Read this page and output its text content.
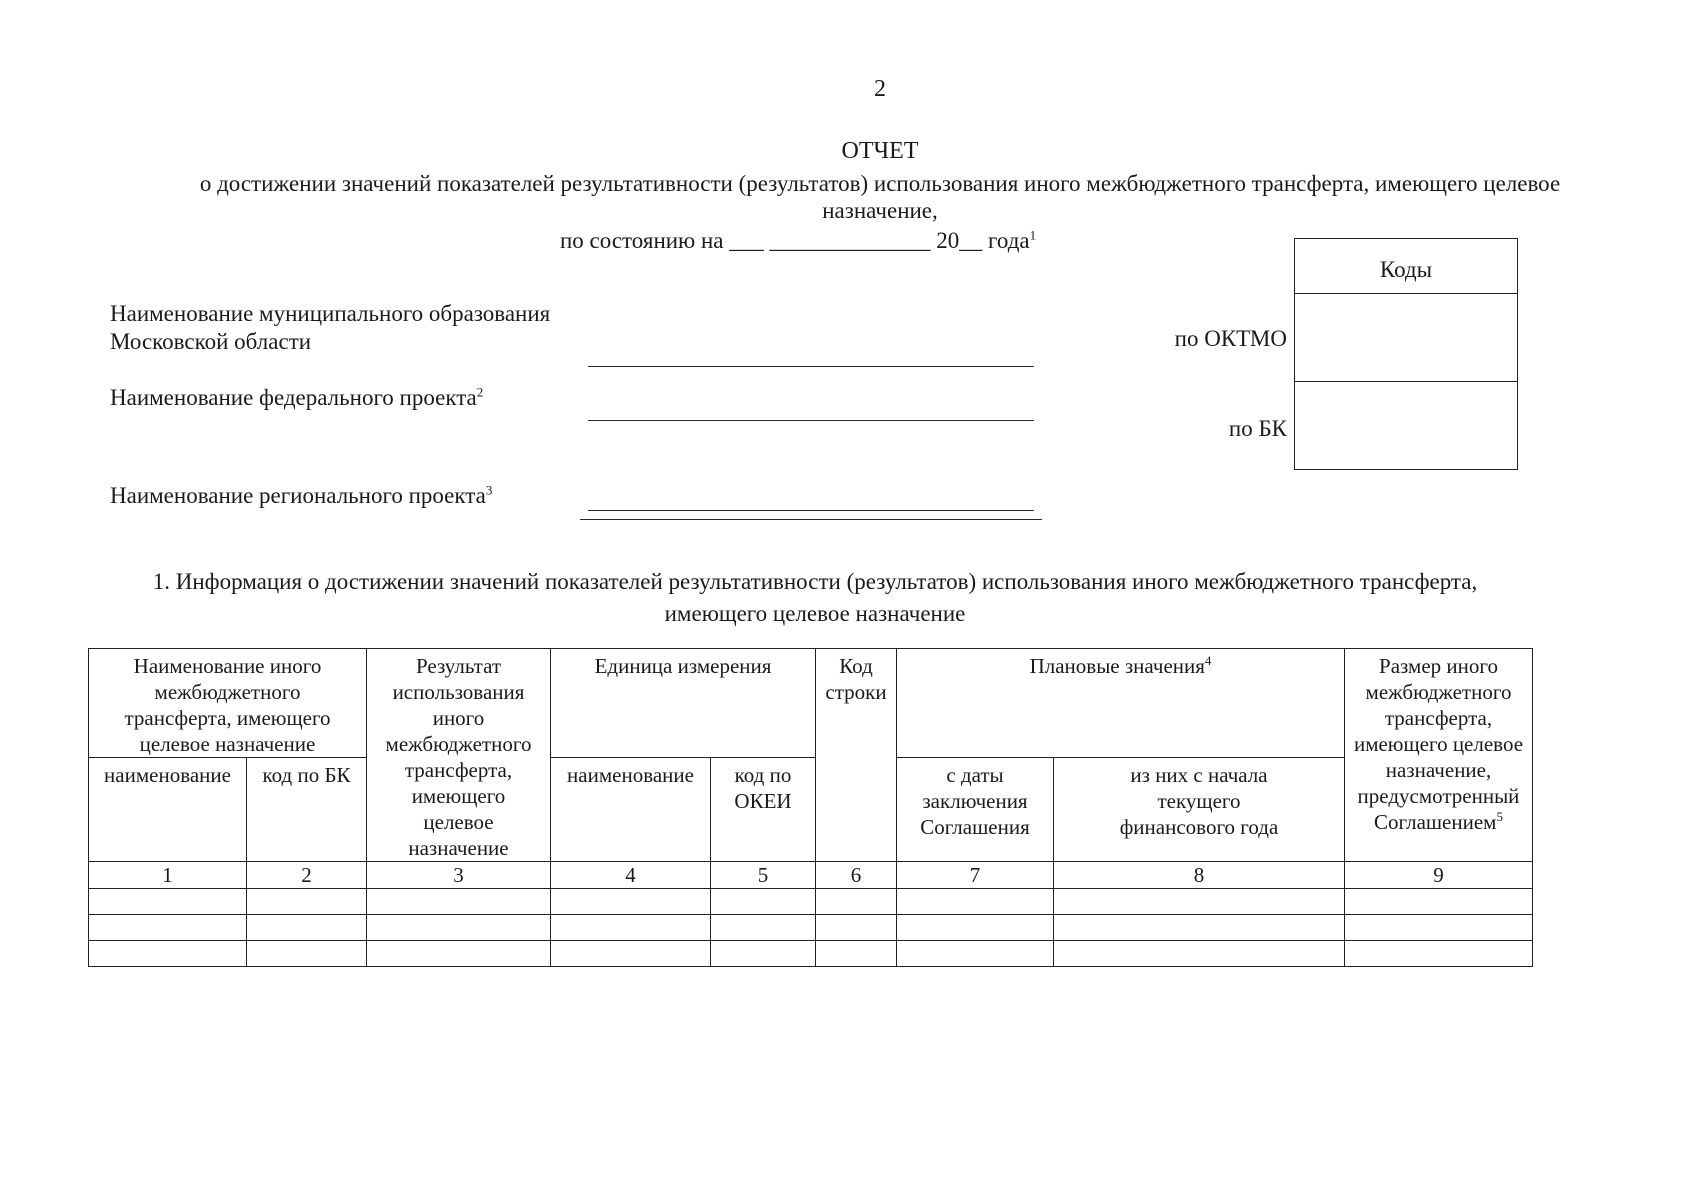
2
ОТЧЕТ
о достижении значений показателей результативности (результатов) использования иного межбюджетного трансферта, имеющего целевое назначение,
по состоянию на ___ ______________ 20__ года$^1$
Наименование муниципального образования
Московской области
Наименование федерального проекта$^2$
Наименование регионального проекта$^3$
Коды
по ОКТМО
по БК
1. Информация о достижении значений показателей результативности (результатов) использования иного межбюджетного трансферта, имеющего целевое назначение
Наименование иного межбюджетного трансферта, имеющего целевое назначение		Результат использования иного межбюджетного трансферта, имеющего целевое назначение	Единица измерения		Код строки	Плановые значения$^4$		Размер иного межбюджетного трансферта, имеющего целевое назначение, предусмотренный Соглашением$^5$
наименование	код по БК		наименование	код по ОКЕИ		с даты заключения Соглашения	из них с начала текущего финансового года	
1	2	3	4	5	6	7	8	9
